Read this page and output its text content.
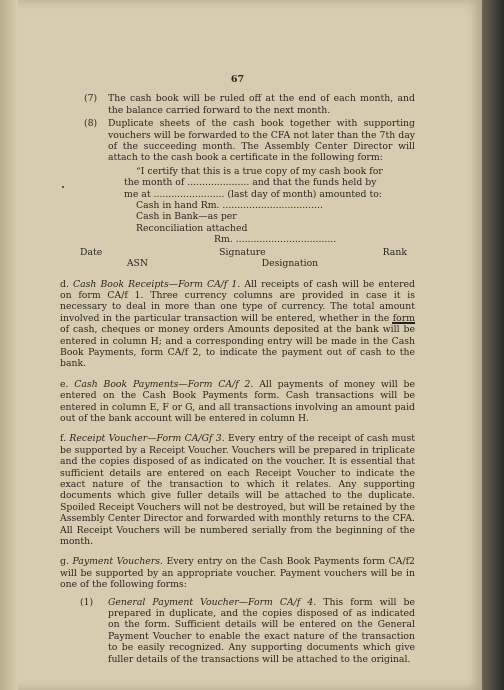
67
(7)	The cash book will be ruled off at the end of each month, and the balance carried forward to the next month.
(8)	Duplicate sheets of the cash book together with supporting vouchers will be forwarded to the CFA not later than the 7th day of the succeeding month. The Assembly Center Director will attach to the cash book a certificate in the following form:
“I certify that this is a true copy of my cash book for
the month of ..................... and that the funds held by
me at ........................ (last day of month) amounted to:
Cash in hand Rm. ..................................
Cash in Bank—as per
Reconciliation attached
Rm. ..................................
Date	Signature	Rank
ASN	Designation
d. Cash Book Receipts—Form CA/f 1. All receipts of cash will be entered on form CA/f 1. Three currency columns are provided in case it is necessary to deal in more than one type of currency. The total amount involved in the particular transaction will be entered, whether in the form of cash, cheques or money orders Amounts deposited at the bank will be entered in column H; and a corresponding entry will be made in the Cash Book Payments, form CA/f 2, to indicate the payment out of cash to the bank.
e. Cash Book Payments—Form CA/f 2. All payments of money will be entered on the Cash Book Payments form. Cash transactions will be entered in column E, F or G, and all transactions involving an amount paid out of the bank account will be entered in column H.
f. Receipt Voucher—Form CA/Gf 3. Every entry of the receipt of cash must be supported by a Receipt Voucher. Vouchers will be prepared in triplicate and the copies disposed of as indicated on the voucher. It is essential that sufficient details are entered on each Receipt Voucher to indicate the exact nature of the transaction to which it relates. Any supporting documents which give fuller details will be attached to the duplicate. Spoiled Receipt Vouchers will not be destroyed, but will be retained by the Assembly Center Director and forwarded with monthly returns to the CFA. All Receipt Vouchers will be numbered serially from the beginning of the month.
g. Payment Vouchers. Every entry on the Cash Book Payments form CA/f2 will be supported by an appropriate voucher. Payment vouchers will be in one of the following forms:
(1)	General Payment Voucher—Form CA/f 4. This form will be prepared in duplicate, and the copies disposed of as indicated on the form. Sufficient details will be entered on the General Payment Voucher to enable the exact nature of the transaction to be easily recognized. Any supporting documents which give fuller details of the transactions will be attached to the original.
